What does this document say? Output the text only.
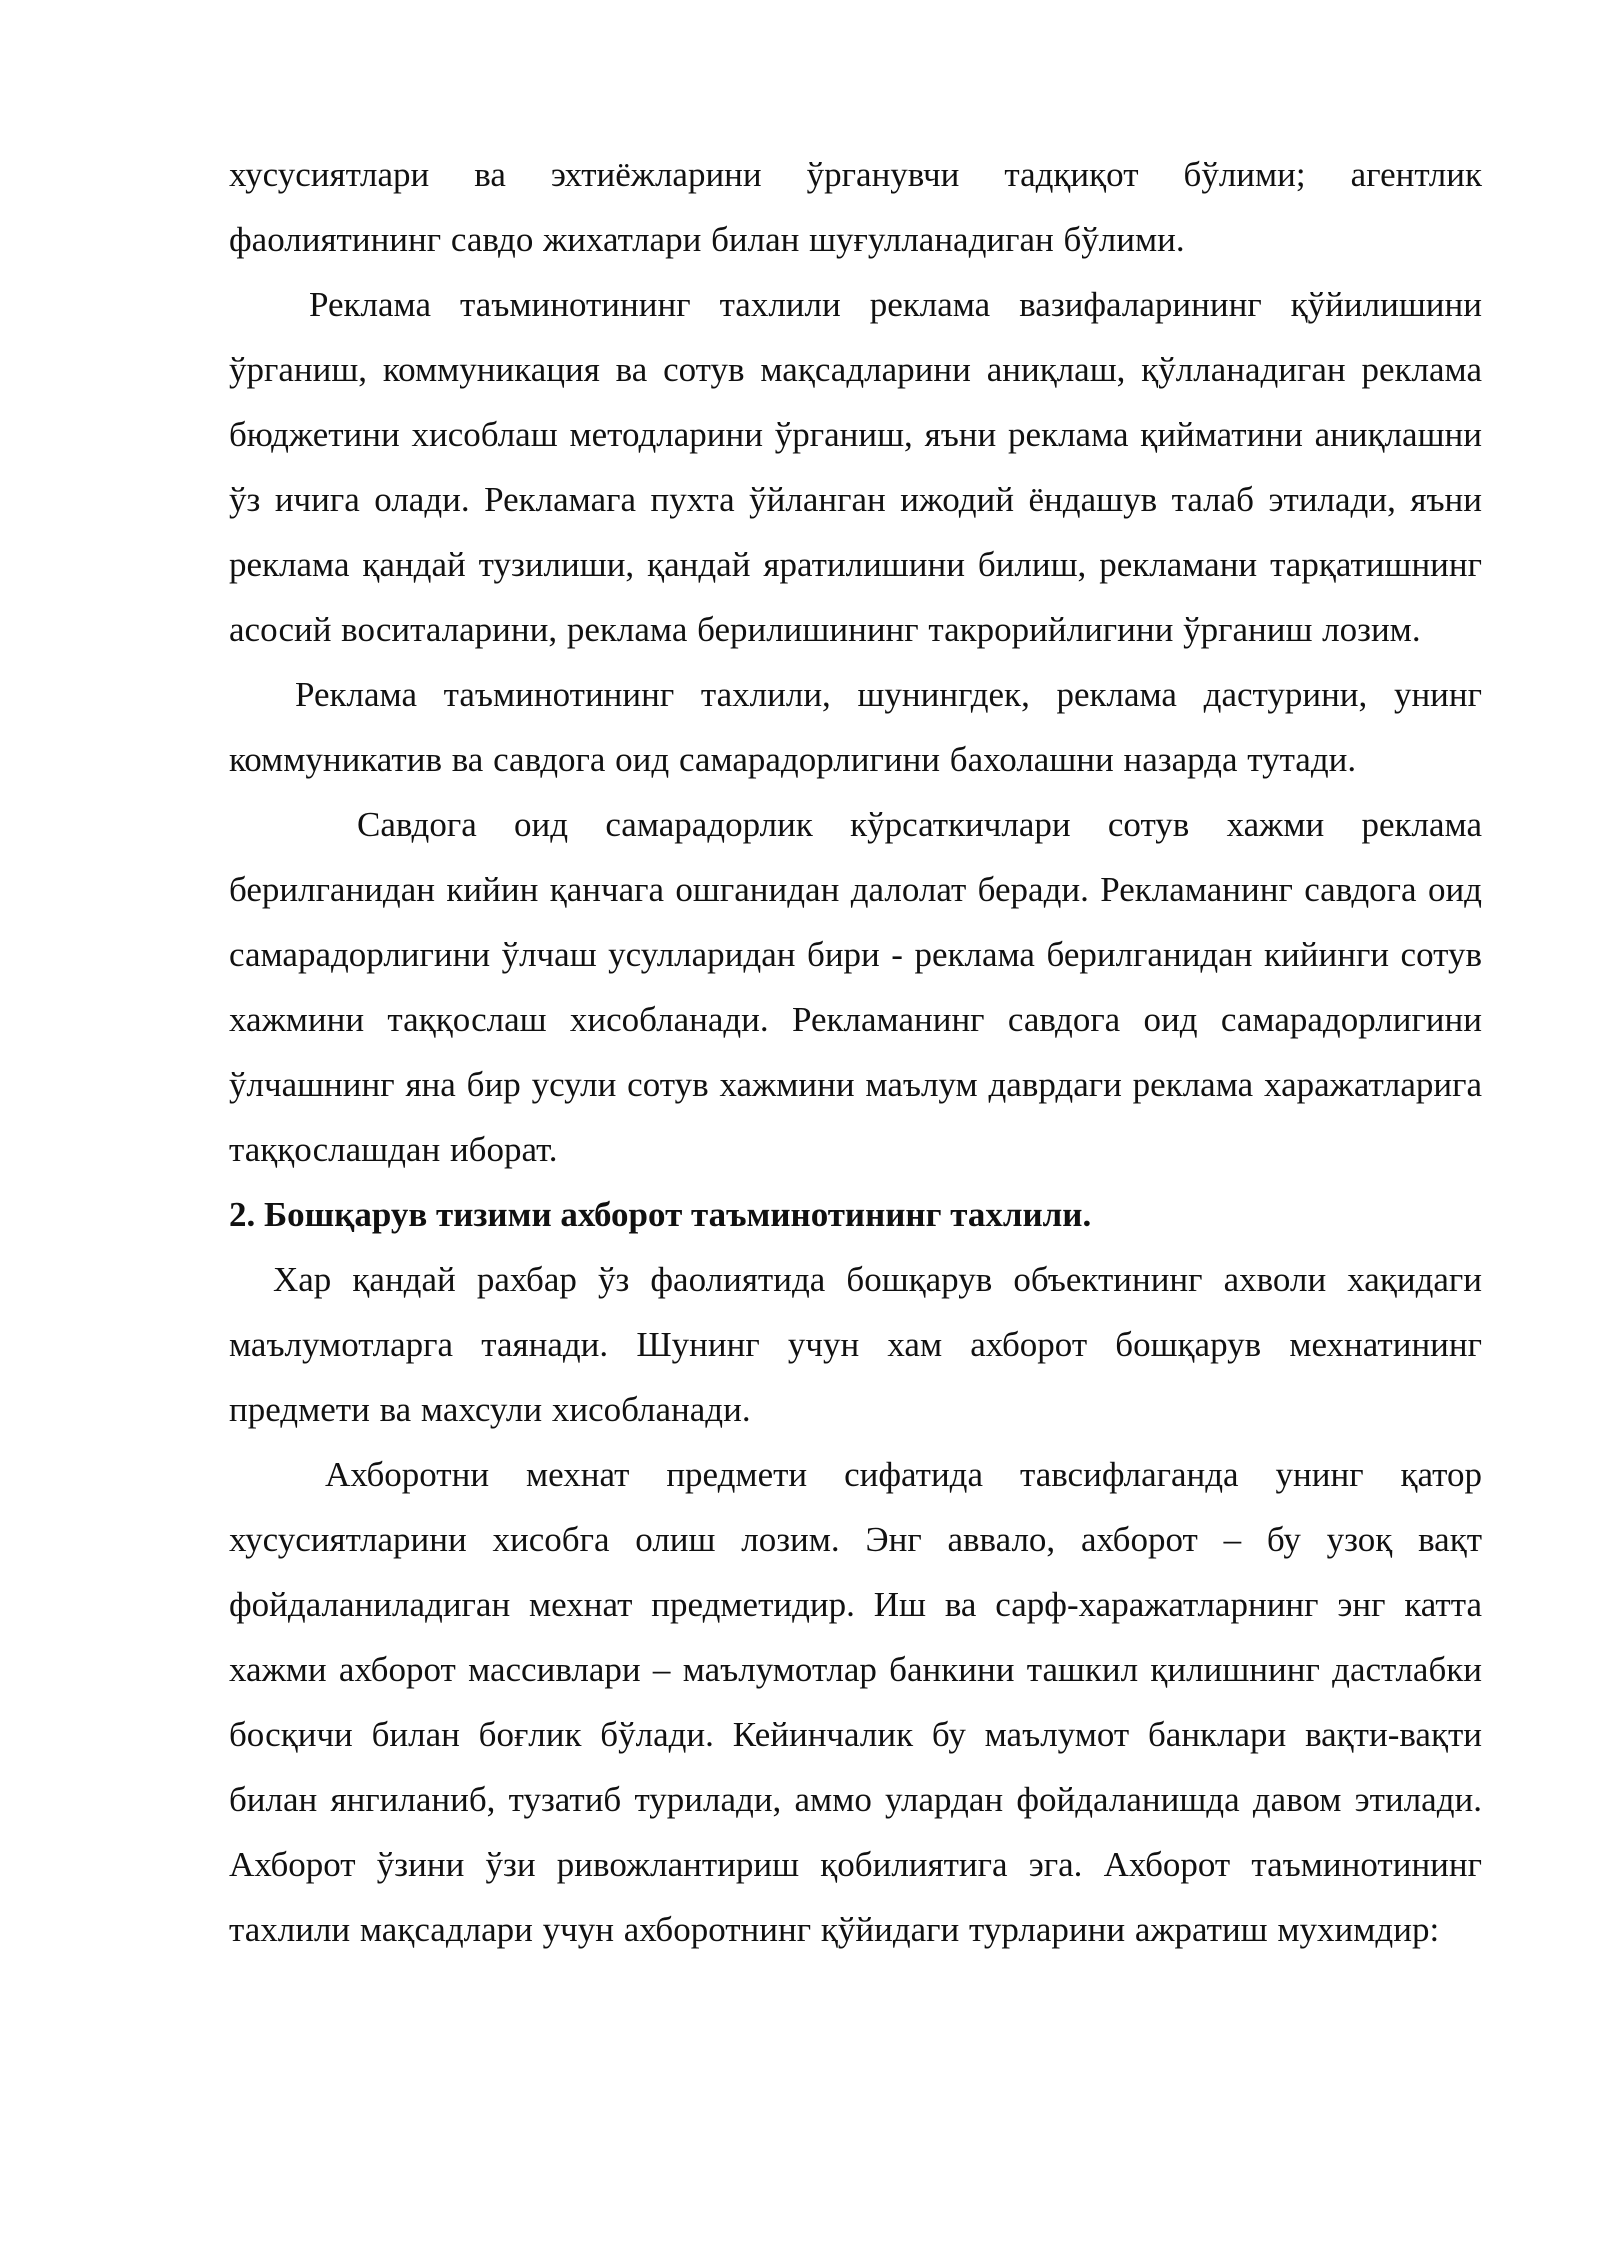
хусусиятлари ва эхтиёжларини ўрганувчи тадқиқот бўлими; агентлик фаолиятининг савдо жихатлари билан шуғулланадиган бўлими.

Реклама таъминотининг тахлили реклама вазифаларининг қўйилишини ўрганиш, коммуникация ва сотув мақсадларини аниқлаш, қўлланадиган реклама бюджетини хисоблаш методларини ўрганиш, яъни реклама қийматини аниқлашни ўз ичига олади. Рекламага пухта ўйланган ижодий ёндашув талаб этилади, яъни реклама қандай тузилиши, қандай яратилишини билиш, рекламани тарқатишнинг асосий воситаларини, реклама берилишининг такрорийлигини ўрганиш лозим.

Реклама таъминотининг тахлили, шунингдек, реклама дастурини, унинг коммуникатив ва савдога оид самарадорлигини бахолашни назарда тутади.

Савдога оид самарадорлик кўрсаткичлари сотув хажми реклама берилганидан кийин қанчага ошганидан далолат беради. Рекламанинг савдога оид самарадорлигини ўлчаш усулларидан бири - реклама берилганидан кийинги сотув хажмини таққослаш хисобланади. Рекламанинг савдога оид самарадорлигини ўлчашнинг яна бир усули сотув хажмини маълум даврдаги реклама харажатларига таққослашдан иборат.

2. Бошқарув тизими ахборот таъминотининг тахлили.

Хар қандай рахбар ўз фаолиятида бошқарув объектининг ахволи хақидаги маълумотларга таянади. Шунинг учун хам ахборот бошқарув мехнатининг предмети ва махсули хисобланади.

Ахборотни мехнат предмети сифатида тавсифлаганда унинг қатор хусусиятларини хисобга олиш лозим. Энг аввало, ахборот – бу узоқ вақт фойдаланиладиган мехнат предметидир. Иш ва сарф-харажатларнинг энг катта хажми ахборот массивлари – маълумотлар банкини ташкил қилишнинг дастлабки босқичи билан боғлик бўлади. Кейинчалик бу маълумот банклари вақти-вақти билан янгиланиб, тузатиб турилади, аммо улардан фойдаланишда давом этилади. Ахборот ўзини ўзи ривожлантириш қобилиятига эга. Ахборот таъминотининг тахлили мақсадлари учун ахборотнинг қўйидаги турларини ажратиш мухимдир:
